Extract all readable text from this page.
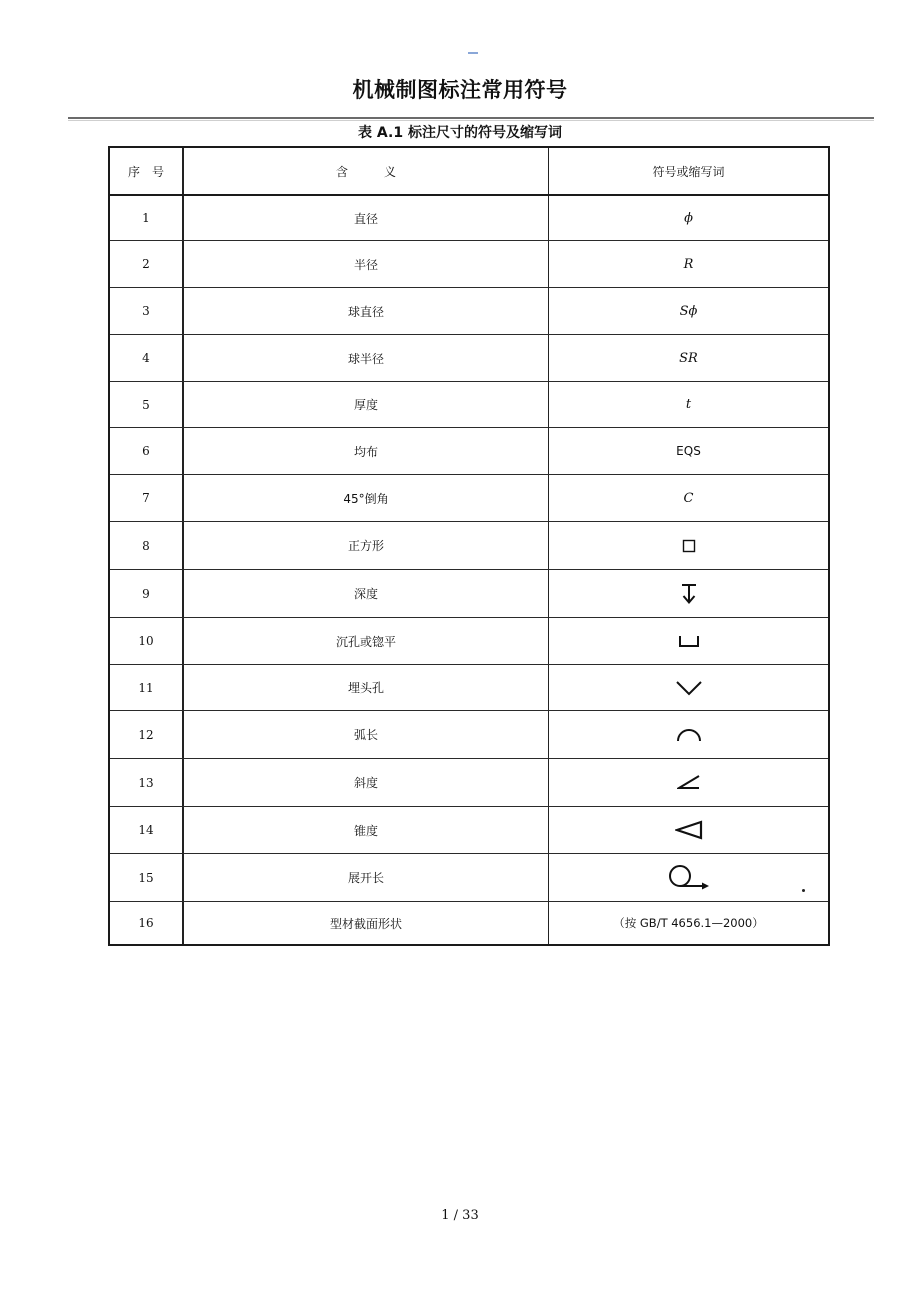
机械制图标注常用符号
表 A.1 标注尺寸的符号及缩写词
序　号	含　　　义	符号或缩写词
1	直径	ϕ
2	半径	R
3	球直径	Sϕ
4	球半径	SR
5	厚度	t
6	均布	EQS
7	45°倒角	C
8	正方形
9	深度
10	沉孔或锪平
11	埋头孔
12	弧长
13	斜度
14	锥度
15	展开长
16	型材截面形状	（按 GB/T 4656.1—2000）
1 / 33
